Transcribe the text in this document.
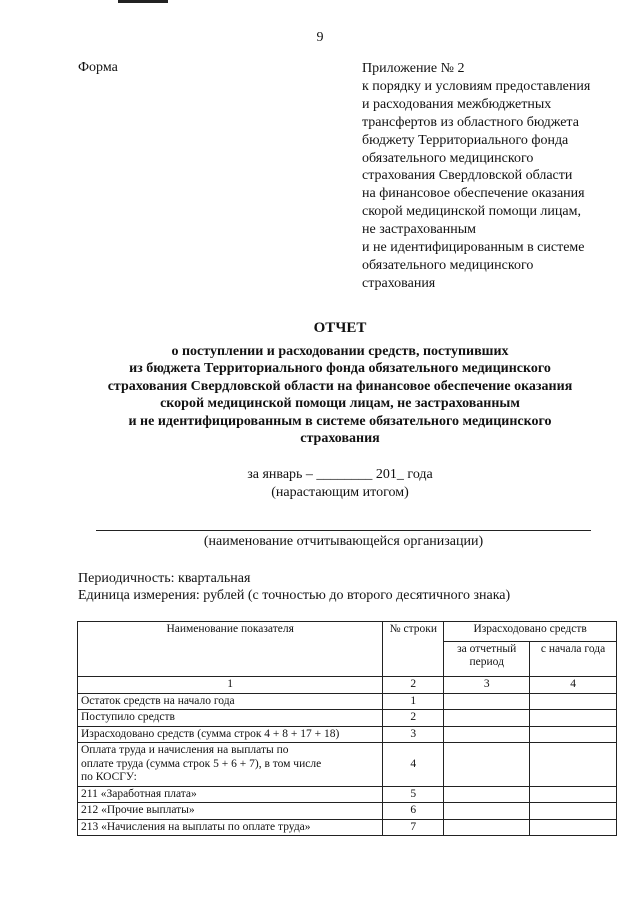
9
Форма	Приложение № 2
к порядку и условиям предоставления
и расходования межбюджетных
трансфертов из областного бюджета
бюджету Территориального фонда
обязательного медицинского
страхования Свердловской области
на финансовое обеспечение оказания
скорой медицинской помощи лицам,
не застрахованным
и не идентифицированным в системе
обязательного медицинского
страхования
ОТЧЕТ
о поступлении и расходовании средств, поступивших
из бюджета Территориального фонда обязательного медицинского
страхования Свердловской области на финансовое обеспечение оказания
скорой медицинской помощи лицам, не застрахованным
и не идентифицированным в системе обязательного медицинского
страхования
за январь – ________ 201_ года
(нарастающим итогом)
(наименование отчитывающейся организации)
Периодичность: квартальная
Единица измерения: рублей (с точностью до второго десятичного знака)
Наименование показателя	№ строки	Израсходовано средств	
		за отчетный период	с начала года
1	2	3	4
Остаток средств на начало года	1		
Поступило средств	2		
Израсходовано средств (сумма строк 4 + 8 + 17 + 18)	3		
Оплата труда и начисления на выплаты по оплате труда (сумма строк 5 + 6 + 7), в том числе по КОСГУ:	4		
211 «Заработная плата»	5		
212 «Прочие выплаты»	6		
213 «Начисления на выплаты по оплате труда»	7		
